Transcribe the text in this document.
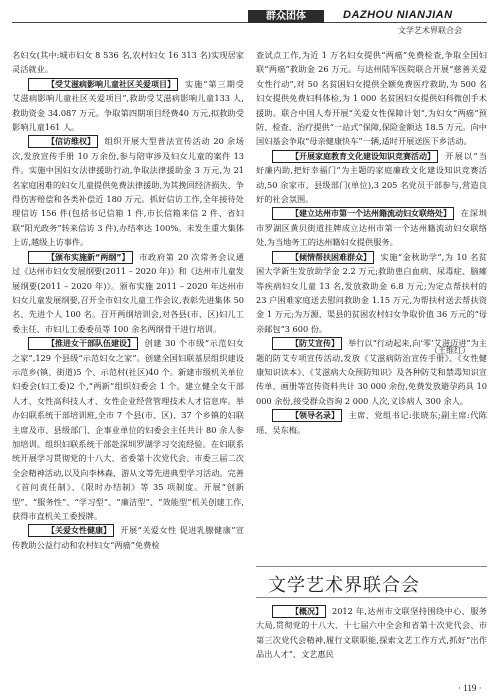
群众团体	DAZHOU NIANJIAN
文学艺术界联合会

名妇女(其中:城市妇女 8 536 名,农村妇女 16 313 名)实现居家灵活就业。

【受艾滋病影响儿童社区关爱项目】 实施“第三期受艾滋病影响儿童社区关爱项目”,救助受艾滋病影响儿童133 人,救助资金 34.087 万元。争取第四期项目经费40 万元,拟救助受影响儿童161 人。

【信访维权】 组织开展大型普法宣传活动 20 余场次,发放宣传手册 10 万余份,参与陪审涉及妇女儿童的案件 13 件。实施中国妇女法律援助行动,争取法律援助金 3 万元,为 21 名家庭困难的妇女儿童提供免费法律援助,为其挽回经济损失、争得伤害赔偿和各类补偿近 180 万元。抓好信访工作,全年接待处理信访 156 件(包括书记信箱 1 件,市长信箱来信 2 件、省妇联“阳光政务”转来信访 3 件),办结率达 100%。未发生重大集体上访,越级上访事件。

【颁布实施新“两纲”】 市政府第 20 次常务会议通过《达州市妇女发展纲要(2011 – 2020 年)》和《达州市儿童发展纲要(2011 – 2020 年)》。颁布实施 2011 – 2020 年达州市妇女儿童发展纲要,召开全市妇女儿童工作会议,表彰先进集体 50 名、先进个人 100 名。召开两纲培训会,对各县(市、区)妇儿工委主任、市妇儿工委委员等 100 余名两纲骨干进行培训。

【推进女干部队伍建设】 创建 30 个市级“示范妇女之家”,129 个县级“示范妇女之家”。创建全国妇联基层组织建设示范乡(镇、街道)5 个、示范村(社区)40 个。新建市级机关单位妇委会(妇工委)2 个,“两新”组织妇委会 1 个。建立健全女干部人才、女性高科技人才、女性企业经营管理技术人才信息库。举办妇联系统干部培训班,全市 7 个县(市、区)、37 个乡镇的妇联主席及市、县级部门、企事业单位的妇委会主任共计 80 余人参加培训。组织妇联系统干部赴深圳罗湖学习交流经验。在妇联系统开展学习贯彻党的十八大、省委第十次党代会、市委三届二次全会精神活动,以及向李林森、游从文等先进典型学习活动。完善《首问责任制》、《限时办结制》等 35 项制度。开展“创新型”、“服务性”、“学习型”、“廉洁型”、“效能型”机关创建工作,获得市直机关工委授牌。

【关爱女性健康】 开展“关爱女性 促进乳腺健康”宣传教助公益行动和农村妇女“两癌”免费检

查试点工作,为近 1 万名妇女提供“两癌”免费检查,争取全国妇联“两癌”救助金 26 万元。与达州陆军医院联合开展“慈善关爱女性行动”,对 50 名贫困妇女提供全额免费医疗救助,为 500 名妇女提供免费妇科体检,为 1 000 名贫困妇女提供妇科微创手术援助。联合中国人寿开展“关爱女性保障计划”,为妇女“两癌”预防、检查、治疗提供“一站式”保障,保险金额达 18.5 万元。向中国妇基会争取“母亲健康快车”一辆,适时开展送医下乡活动。

【开展家庭教育文化建设知识竞赛活动】 开展以“当好廉内助,把好幸福门”为主题的家庭廉政文化建设知识竞赛活动,50 余家市、县级部门(单位),3 205 名党员干部参与,营造良好的社会氛围。

【建立达州市第一个达州籍流动妇女联络处】 在深圳市罗湖区黄贝街道挂牌成立达州市第一个达州籍流动妇女联络处,为当地务工的达州籍妇女提供服务。

【倾情帮扶困难群众】 实施“金秋助学”,为 10 名贫困大学新生发放助学金 2.2 万元;救助患白血病、尿毒症、脑瘫等疾病妇女儿童 13 名,发放救助金 6.8 万元;为定点帮扶村的 23 户困难家庭送去慰问救助金 1.15 万元,为帮扶村送去帮扶资金 1 万元;为万源、渠县的贫困农村妇女争取价值 36 万元的“母亲邮包”3 600 份。

【防艾宣传】 举行以“行动起来,向‘零’艾滋迈进”为主题的防艾专项宣传活动,发放《艾滋病防治宣传手册》、《女性健康知识读本》、《艾滋病大众预防知识》及各种防艾和禁毒知识宣传单、画册等宣传资料共计 30 000 余份,免费发放避孕药具 10 000 余份,接受群众咨询 2 000 人次,义诊病人 300 余人。

【领导名录】 主席、党组书记:张晓东;副主席:代陈瑶、吴东梅。

（王维红）
文学艺术界联合会

【概况】 2012 年,达州市文联坚持围绕中心、服务大局,贯彻党的十八大、十七届六中全会和省第十次党代会、市第三次党代会精神,履行文联职能,探索文艺工作方式,抓好“出作品出人才”、文艺惠民

· 119 ·
